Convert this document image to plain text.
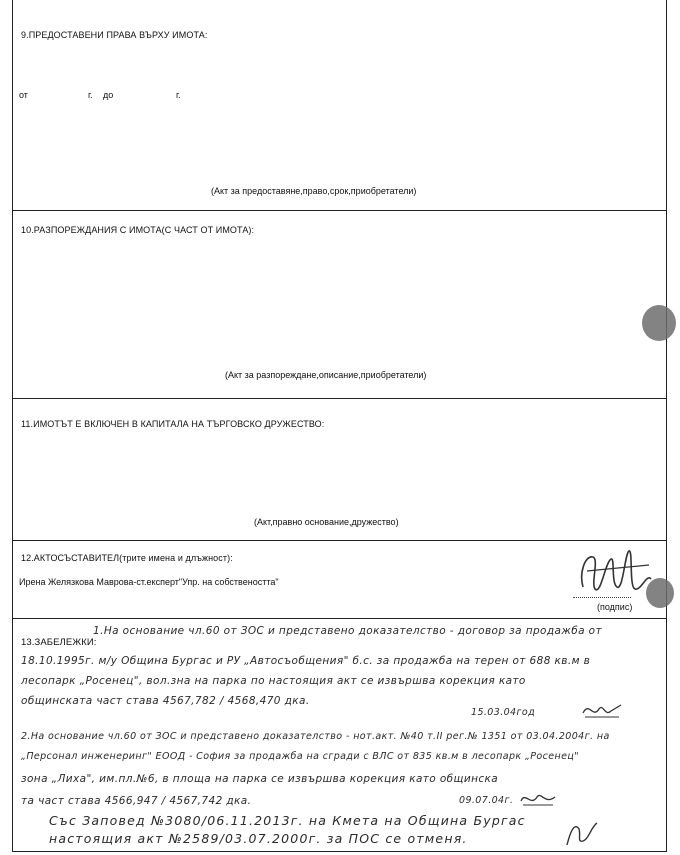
9.ПРЕДОСТАВЕНИ ПРАВА ВЪРХУ ИМОТА:
от	г. до	г.
(Акт за предоставяне,право,срок,приобретатели)
10.РАЗПОРЕЖДАНИЯ С ИМОТА(С ЧАСТ ОТ ИМОТА):
(Акт за разпореждане,описание,приобретатели)
11.ИМОТЪТ Е ВКЛЮЧЕН В КАПИТАЛА НА ТЪРГОВСКО ДРУЖЕСТВО:
(Акт,правно основание,дружество)
12.АКТОСЪСТАВИТЕЛ(трите имена и длъжност):
Ирена Желязкова Маврова-ст.експерт"Упр. на собствеността"
(подпис)
13.ЗАБЕЛЕЖКИ:
1.На основание чл.60 от ЗОС и представено доказателство - договор за продажба от
18.10.1995г. м/у Община Бургас и РУ „Автосъобщения" б.с. за продажба на терен от 688 кв.м в
лесопарк „Росенец", вол.зна на парка по настоящия акт се извършва корекция като
общинската част става 4567,782 / 4568,470 дка.
15.03.04год
2.На основание чл.60 от ЗОС и представено доказателство - нот.акт. №40 т.II рег.№ 1351 от 03.04.2004г. на
„Персонал инженеринг" ЕООД - София за продажба на сгради с ВЛС от 835 кв.м в лесопарк „Росенец"
зона „Лиха", им.пл.№6, в площа на парка се извършва корекция като общинска
та част става 4566,947 / 4567,742 дка.	09.07.04г.
Със Заповед №3080/06.11.2013г. на Кмета на Община Бургас
настоящия акт №2589/03.07.2000г. за ПОС се отменя.
